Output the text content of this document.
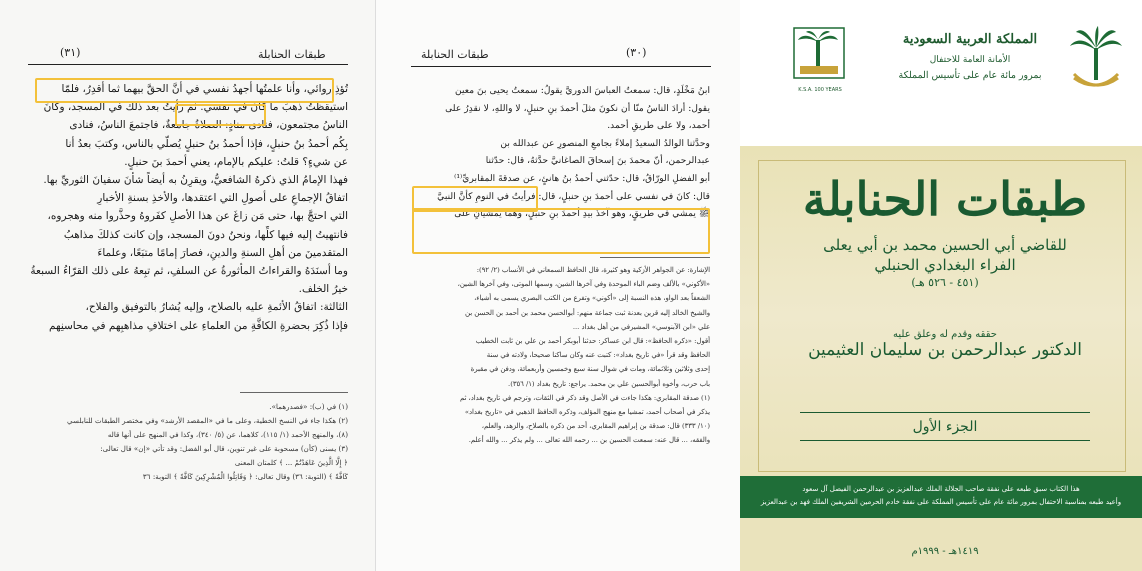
طبقات الحنابلة
(٣١)
تُؤذِ روائي، وأنا علمتُها أجهدُ نفسي في أنَّ الحقَّ بيهما ثما أقدِرُ، فلمّا
استيقظتُ ذهبَ ما كانَ في نفسي. ثم رأيتُ بعد ذلك في المسجد، وكانَ
الناسُ مجتمعون، فنادى منادٍ: الصلاةُ جامعةٌ، فاجتمعَ الناسُ، فنادى
بِكُم أحمدُ بنُ حنبلٍ، فإذا أحمدُ بنُ حنبلٍ يُصلّي بالناس، وكتبَ بعدُ أنا
عن شيءٍ؟ قلتُ: عليكم بالإمام، يعني أحمدَ بنَ حنبلٍ.
فهذا الإمامُ الذي ذكرهُ الشافعيُّ، ويقرِنُ به أيضاً شأنَ سفيانَ الثوريِّ بها.
اتفاقُ الإجماعِ على أصولِ التي اعتقدها، والأخذِ بسنةِ الأخبارِ
التي احتجَّ بها، حتى مَن زاغَ عن هذا الأصلِ كفَروهُ وحذَّروا منه وهجروه،
فانتهيتُ إليه فيها كلِّها، ونحنُ دونَ المسجد، وإن كانت كذلكَ مذاهبُ
المتقدمينَ من أهلِ السنةِ والدينِ، فصارَ إمامًا متبَعًا، وعلماءَ
وما أسنَدَهُ والقراءاتُ المأثورةُ عن السلفِ، ثم تبِعهُ على ذلك القرّاءُ السبعةُ
خيرُ الخلف.
الثالثة: اتفاقُ الأئمةِ عليه بالصلاح، وإليه يُشارُ بالتوفيق والفلاح،
فإذا ذُكِرَ بحضرةِ الكافَّةِ من العلماءِ على اختلافِ مذاهبِهم في محاسنِهم
(١) في (ب): «فصدرهما».
(٢) هكذا جاء في النسخ الخطية، وعلى ما في «المقصد الأرشد» وفي مختصر الطبقات للنابلسي
(٨)، والمنهج الأحمد (١/ ١١٥)، كلاهما، عن (٥/ ٣٤٠)، وكذا في المنهج على أنها قاله
(٣) يسنى (كأن) مسحوبة على غير تنوين، قال أبو الفضل: وقد تأتي «إن» قال تعالى:
﴿ إِلَّا الَّذِينَ عَاهَدْتُمْ ... ﴾ كلمتان المعنى
كَافَّةً ﴾ (التوبة: ٣٦) وقال تعالى: ﴿ وَقَاتِلُوا الْمُشْرِكِينَ كَافَّةً ﴾ التوبة: ٣٦
طبقات الحنابلة	(٣٠)
ابنُ مَخْلَدٍ، قال: سمعتُ العباسَ الدوريَّ يقولُ: سمعتُ يحيى بنَ معين
يقول: أرادَ الناسُ منّا أن نكونَ مثلَ أحمدَ بنِ حنبلٍ، لا واللهِ، لا نقدِرُ على
أحمد، ولا على طريقِ أحمد.
وحدَّثنا الوالدُ السعيدُ إملاءً بجامعِ المنصورِ عن عبدالله بن
عبدالرحمن، أنّ محمدَ بنَ إسحاقَ الصاغانيَّ حدَّثهُ، قال: حدّثنا
أبو الفضلِ الورّاقُ، قال: حدّثني أحمدُ بنُ هانئٍ، عن صدقةَ المقابريِّ⁽¹⁾
قال: كانَ في نفسي على أحمدَ بنِ حنبلٍ، قال: فرأيتُ في النومِ كأنَّ النبيَّ
ﷺ يمشي في طريقٍ، وهو آخذٌ بيدِ أحمدَ بنِ حنبلٍ، وهما يمشيانِ على
الإشارة: عن الجواهر الأزكية وهو كثيرة، قال الحافظ السمعاني في الأنساب (٢/ ٩٢):
«الأكوني» بالألف وضم الباء الموحدة وفي آخرها الشين، وسمها الموتى، وفي آخرها الشين،
الشعفاً بعد الواو، هذه النسبة إلى «أكوني» وتفرع من الكتب البصري يسمى به أشياء،
والشيخ الخالد إليه قرين بعدنة ثبت جماعة منهم: أبوالحسن محمد بن أحمد بن الحسن بن
علي «ابن الآبنوسي» المشيرفي من أهل بغداد ...
أقول: «ذكره الحافظ»: قال ابن عساكر: حدثنا أبوبكر أحمد بن علي بن ثابت الخطيب
الحافظ وقد قرأ «في تاريخ بغداد»: كتبت عنه وكان ساكنا صحيحا، ولادته في سنة
إحدى وثلاثين وثلاثمائة، ومات في شوال سنة سبع وخمسين وأربعمائة، ودفن في مقبرة
باب حرب، وأخوه أبوالحسين علي بن محمد. يراجع: تاريخ بغداد (١/ ٣٥٦).
(١) صدقة المقابري: هكذا جاءت في الأصل وقد ذكر في الثقات، وترجم في تاريخ بغداد، ثم
يذكر في أصحاب أحمد، تمشيا مع منهج المؤلف، وذكره الحافظ الذهبي في «تاريخ بغداد»
(١٠/ ٣٣٣) قال: صدقة بن إبراهيم المقابري، أحد من ذكره بالصلاح، والزهد، والعلم،
والفقه، ... قال عنه: سمعت الحسين بن ... رحمه الله تعالى ... ولم يذكر ... والله أعلم.
K.S.A. 100 YEARS
المملكة العربية السعودية
الأمانة العامة للاحتفال
بمرور مائة عام على تأسيس المملكة
طبقات الحنابلة
للقاضي أبي الحسين محمد بن أبي يعلى
الفراء البغدادي الحنبلي
(٤٥١ - ٥٢٦ هـ)
حققه وقدم له وعلق عليه
الدكتور عبدالرحمن بن سليمان العثيمين
الجزء الأول
هذا الكتاب سبق طبعه على نفقة صاحب الجلالة الملك عبدالعزيز بن عبدالرحمن الفيصل آل سعود
وأعيد طبعه بمناسبة الاحتفال بمرور مائة عام على تأسيس المملكة على نفقة خادم الحرمين الشريفين الملك فهد بن عبدالعزيز
١٤١٩هـ - ١٩٩٩م
